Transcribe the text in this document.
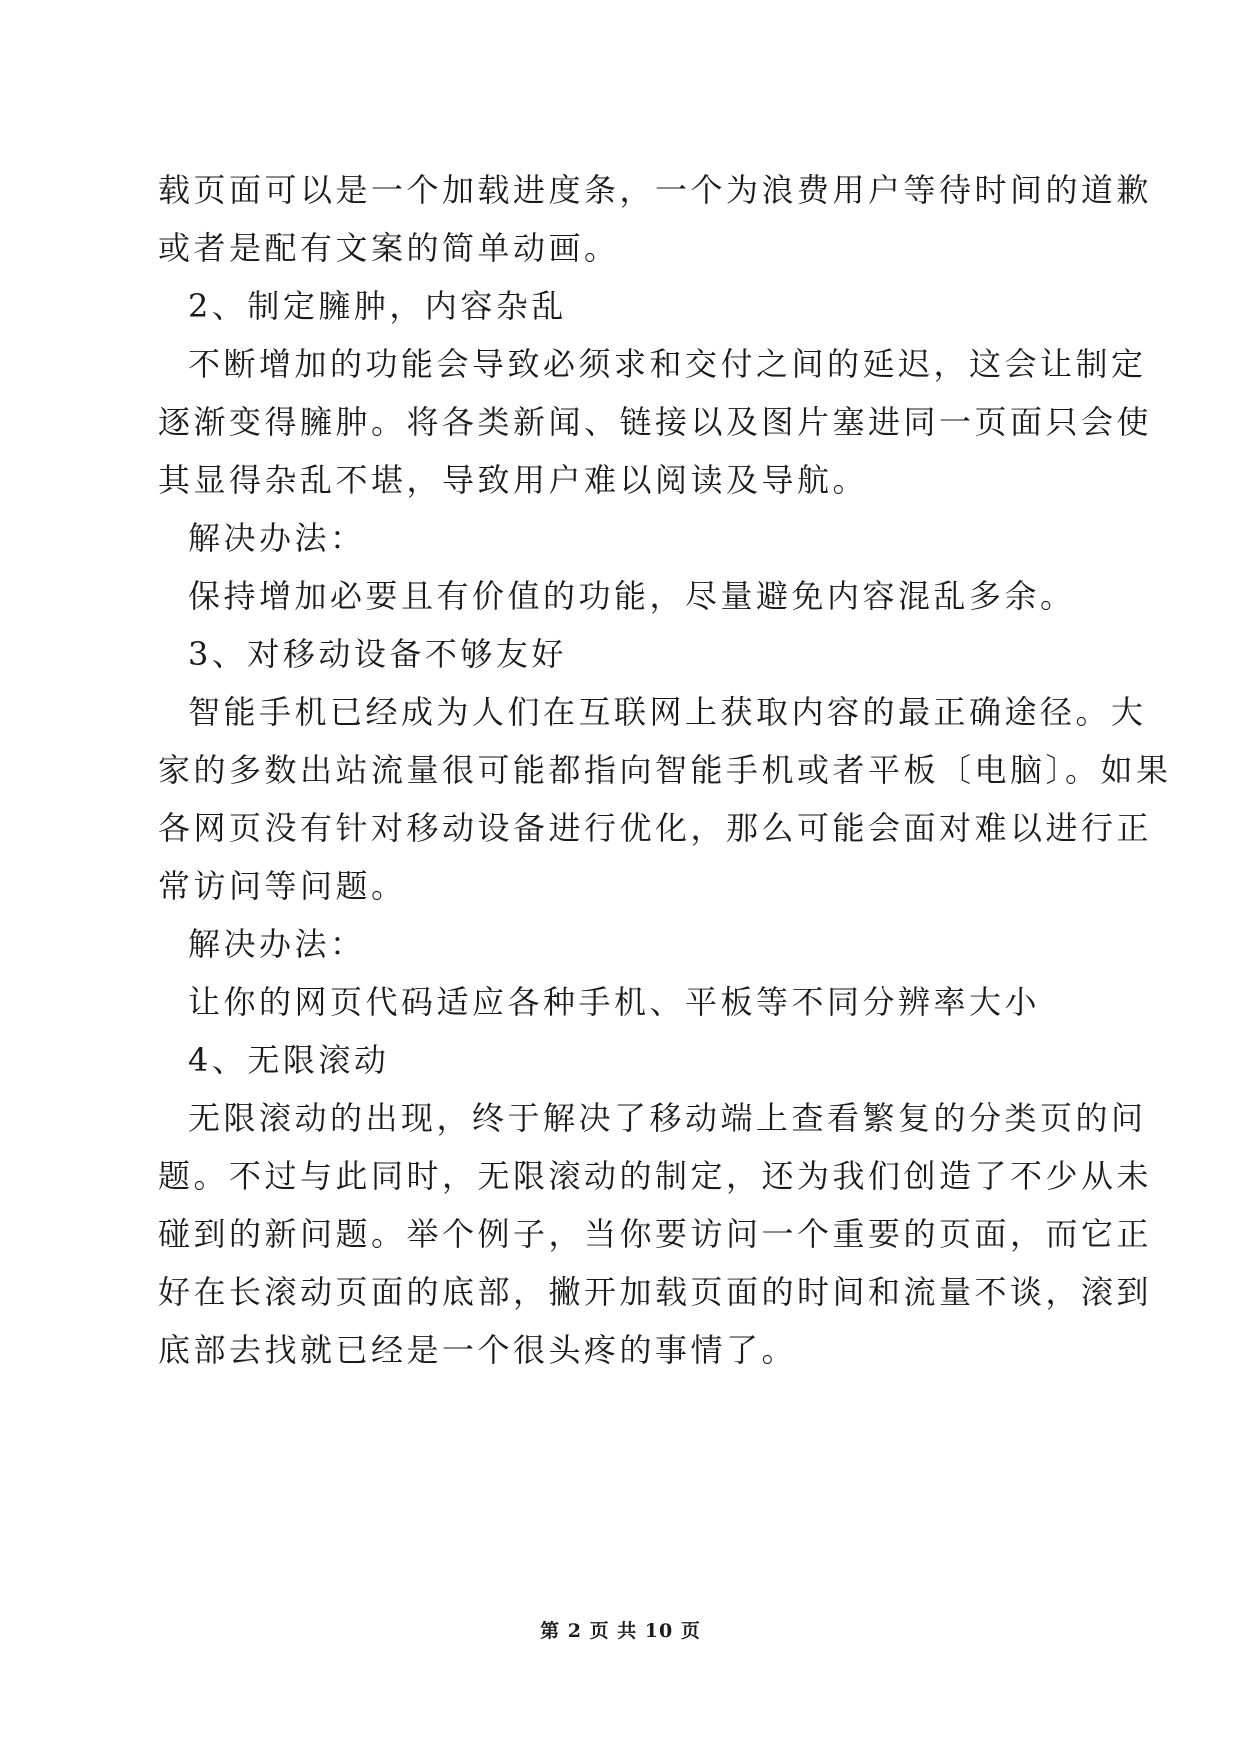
载页面可以是一个加载进度条，一个为浪费用户等待时间的道歉
或者是配有文案的简单动画。
2、制定臃肿，内容杂乱
不断增加的功能会导致必须求和交付之间的延迟，这会让制定
逐渐变得臃肿。将各类新闻、链接以及图片塞进同一页面只会使
其显得杂乱不堪，导致用户难以阅读及导航。
解决办法：
保持增加必要且有价值的功能，尽量避免内容混乱多余。
3、对移动设备不够友好
智能手机已经成为人们在互联网上获取内容的最正确途径。大
家的多数出站流量很可能都指向智能手机或者平板〔电脑〕。如果
各网页没有针对移动设备进行优化，那么可能会面对难以进行正
常访问等问题。
解决办法：
让你的网页代码适应各种手机、平板等不同分辨率大小
4、无限滚动
无限滚动的出现，终于解决了移动端上查看繁复的分类页的问
题。不过与此同时，无限滚动的制定，还为我们创造了不少从未
碰到的新问题。举个例子，当你要访问一个重要的页面，而它正
好在长滚动页面的底部，撇开加载页面的时间和流量不谈，滚到
底部去找就已经是一个很头疼的事情了。
第 2 页 共 10 页
